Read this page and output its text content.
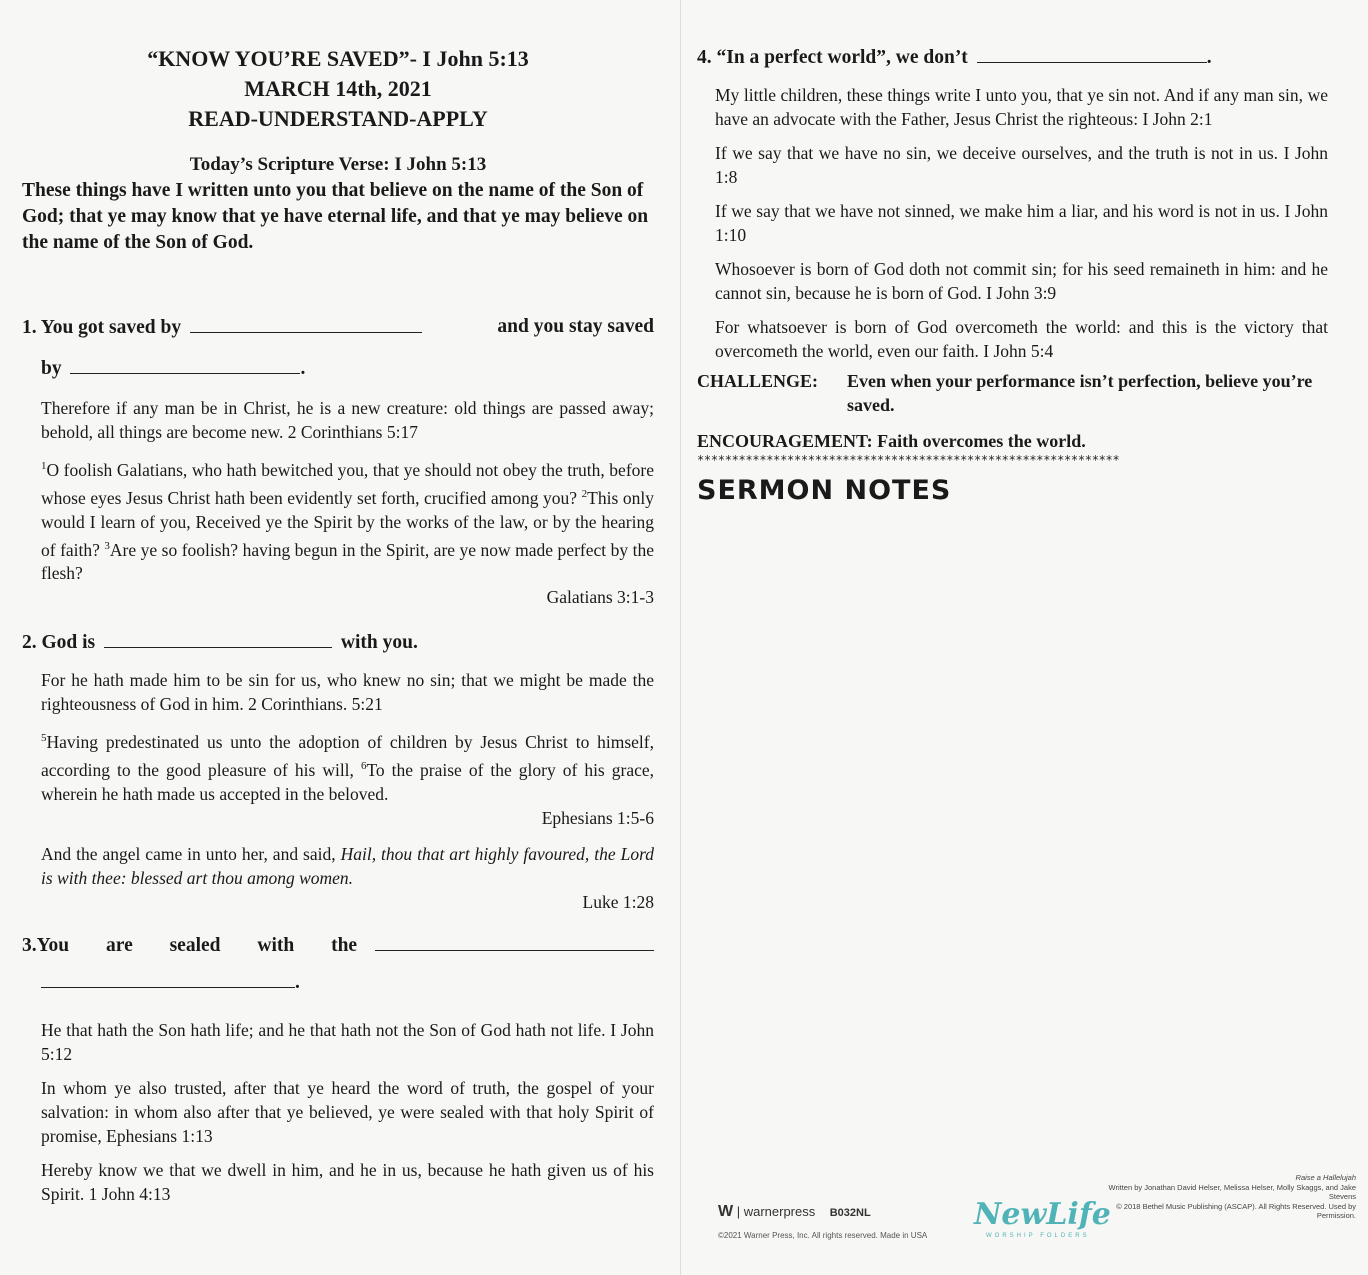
“KNOW YOU’RE SAVED”- I John 5:13
MARCH 14th, 2021
READ-UNDERSTAND-APPLY
Today’s Scripture Verse: I John 5:13
These things have I written unto you that believe on the name of the Son of God; that ye may know that ye have eternal life, and that ye may believe on the name of the Son of God.
1. You got saved by	and you stay saved
by	.
Therefore if any man be in Christ, he is a new creature: old things are passed away; behold, all things are become new. 2 Corinthians 5:17
$^1$O foolish Galatians, who hath bewitched you, that ye should not obey the truth, before whose eyes Jesus Christ hath been evidently set forth, crucified among you? $^2$This only would I learn of you, Received ye the Spirit by the works of the law, or by the hearing of faith? $^3$Are ye so foolish? having begun in the Spirit, are ye now made perfect by the flesh?
Galatians 3:1-3
2. God is	with you.
For he hath made him to be sin for us, who knew no sin; that we might be made the righteousness of God in him. 2 Corinthians. 5:21
$^5$Having predestinated us unto the adoption of children by Jesus Christ to himself, according to the good pleasure of his will, $^6$To the praise of the glory of his grace, wherein he hath made us accepted in the beloved.
Ephesians 1:5-6
And the angel came in unto her, and said, Hail, thou that art highly favoured, the Lord is with thee: blessed art thou among women.
Luke 1:28
3.You are sealed with the
.
He that hath the Son hath life; and he that hath not the Son of God hath not life. I John 5:12
In whom ye also trusted, after that ye heard the word of truth, the gospel of your salvation: in whom also after that ye believed, ye were sealed with that holy Spirit of promise, Ephesians 1:13
Hereby know we that we dwell in him, and he in us, because he hath given us of his Spirit. 1 John 4:13
4. “In a perfect world”, we don’t	.
My little children, these things write I unto you, that ye sin not. And if any man sin, we have an advocate with the Father, Jesus Christ the righteous: I John 2:1
If we say that we have no sin, we deceive ourselves, and the truth is not in us. I John 1:8
If we say that we have not sinned, we make him a liar, and his word is not in us. I John 1:10
Whosoever is born of God doth not commit sin; for his seed remaineth in him: and he cannot sin, because he is born of God. I John 3:9
For whatsoever is born of God overcometh the world: and this is the victory that overcometh the world, even our faith. I John 5:4
CHALLENGE:	Even when your performance isn’t perfection, believe you’re saved.
ENCOURAGEMENT: Faith overcomes the world.
*************************************************************
SERMON NOTES
W | warnerpress B032NL
©2021 Warner Press, Inc. All rights reserved. Made in USA
NewLife
WORSHIP FOLDERS
Raise a Hallelujah
Written by Jonathan David Helser, Melissa Helser, Molly Skaggs, and Jake Stevens
© 2018 Bethel Music Publishing (ASCAP). All Rights Reserved. Used by Permission.
